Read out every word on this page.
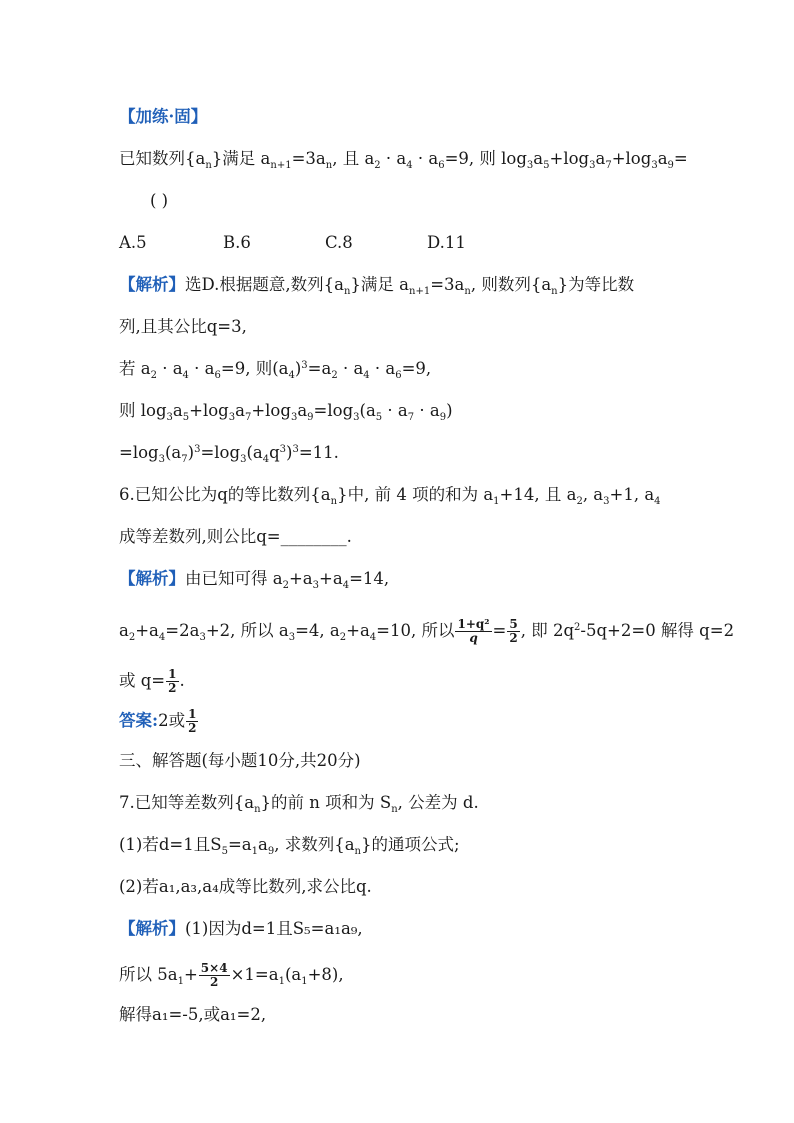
【加练·固】
已知数列$\{a_n\}$满足 $a_{n+1}=3a_n$, 且 $a_2 \cdot a_4 \cdot a_6=9$, 则 $\log_3a_5+\log_3a_7+\log_3a_9=$
( )
A.5	B.6	C.8	D.11
【解析】选D.根据题意,数列$\{a_n\}$满足 $a_{n+1}=3a_n$, 则数列$\{a_n\}$为等比数
列,且其公比q=3,
若 $a_2 \cdot a_4 \cdot a_6=9$, 则$(a_4)^3=a_2 \cdot a_4 \cdot a_6=9$,
则 $\log_3a_5+\log_3a_7+\log_3a_9=\log_3(a_5 \cdot a_7 \cdot a_9)$
$=\log_3(a_7)^3=\log_3(a_4q^3)^3=11$.
6.已知公比为q的等比数列$\{a_n\}$中, 前 4 项的和为 $a_1+14$, 且 $a_2$, $a_3+1$, $a_4$
成等差数列,则公比q=________.
【解析】由已知可得 $a_2+a_3+a_4=14$,
$a_2+a_4=2a_3+2$, 所以 $a_3=4$, $a_2+a_4=10$, 所以 $\frac{\text{1+q²}}{q} = \frac{5}{2}$ , 即 $2q^2-5q+2=0$ 解得 q=2
或 $q= \frac{1}{2}$ .
答案:2或 $\frac{1}{2}$
三、解答题(每小题10分,共20分)
7.已知等差数列$\{a_n\}$的前 n 项和为 $S_n$, 公差为 d.
(1)若d=1且$S_5=a_1a_9$, 求数列$\{a_n\}$的通项公式;
(2)若a₁,a₃,a₄成等比数列,求公比q.
【解析】(1)因为d=1且S₅=a₁a₉,
所以 $5a_1+ \frac{5\times 4}{2} \times 1=a_1(a_1+8)$,
解得a₁=-5,或a₁=2,
